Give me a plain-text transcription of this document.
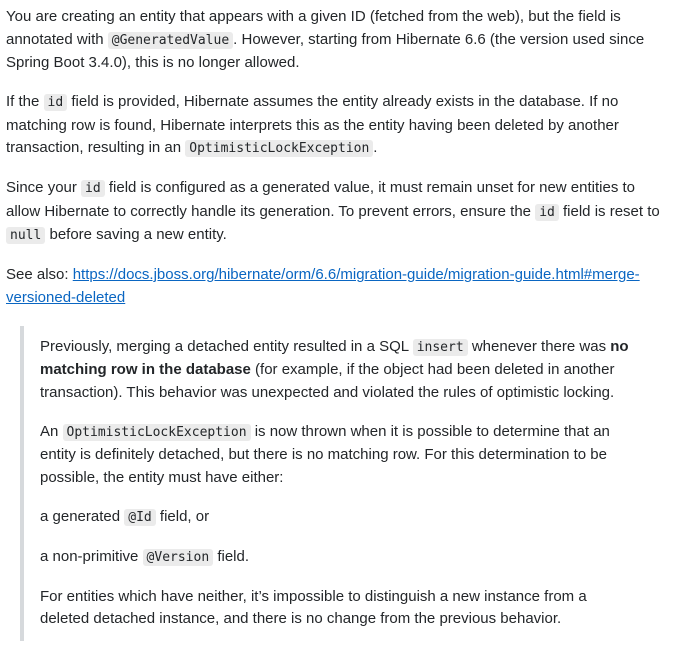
You are creating an entity that appears with a given ID (fetched from the web), but the field is annotated with @GeneratedValue . However, starting from Hibernate 6.6 (the version used since Spring Boot 3.4.0), this is no longer allowed.

If the id field is provided, Hibernate assumes the entity already exists in the database. If no matching row is found, Hibernate interprets this as the entity having been deleted by another transaction, resulting in an OptimisticLockException .

Since your id field is configured as a generated value, it must remain unset for new entities to allow Hibernate to correctly handle its generation. To prevent errors, ensure the id field is reset to null before saving a new entity.

See also: https://docs.jboss.org/hibernate/orm/6.6/migration-guide/migration-guide.html#merge-versioned-deleted

Previously, merging a detached entity resulted in a SQL insert whenever there was no matching row in the database (for example, if the object had been deleted in another transaction). This behavior was unexpected and violated the rules of optimistic locking.

An OptimisticLockException is now thrown when it is possible to determine that an entity is definitely detached, but there is no matching row. For this determination to be possible, the entity must have either:

a generated @Id field, or

a non-primitive @Version field.

For entities which have neither, it’s impossible to distinguish a new instance from a deleted detached instance, and there is no change from the previous behavior.
